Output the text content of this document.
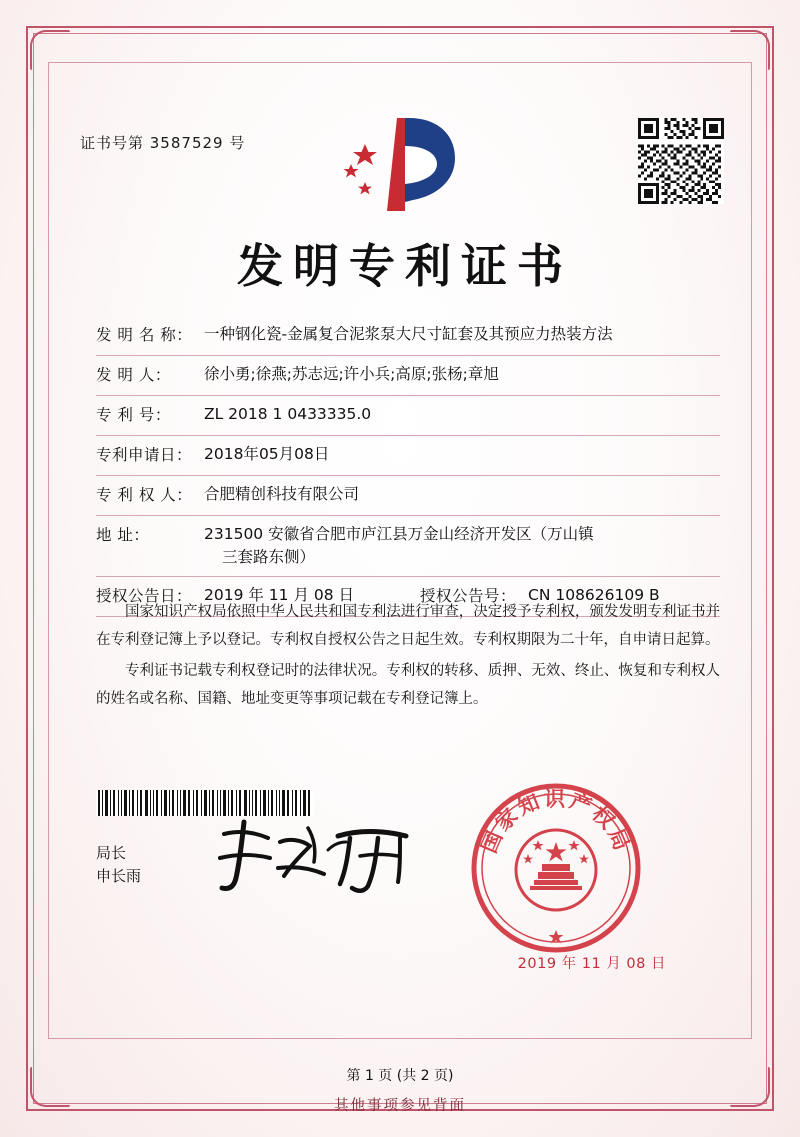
证书号第 3587529 号
发明专利证书
发 明 名 称： 一种钢化瓷-金属复合泥浆泵大尺寸缸套及其预应力热装方法
发 明 人：	徐小勇;徐燕;苏志远;许小兵;高原;张杨;章旭
专 利 号：	ZL 2018 1 0433335.0
专利申请日： 2018年05月08日
专 利 权 人： 合肥精创科技有限公司
地 址：	231500 安徽省合肥市庐江县万金山经济开发区（万山镇
三套路东侧）
授权公告日： 2019 年 11 月 08 日	授权公告号： CN 108626109 B

国家知识产权局依照中华人民共和国专利法进行审查，决定授予专利权，颁发发明专利证书并在专利登记簿上予以登记。专利权自授权公告之日起生效。专利权期限为二十年，自申请日起算。

专利证书记载专利权登记时的法律状况。专利权的转移、质押、无效、终止、恢复和专利权人的姓名或名称、国籍、地址变更等事项记载在专利登记簿上。

局长
申长雨
国家知识产权局
2019 年 11 月 08 日
第 1 页 (共 2 页)
其他事项参见背面
